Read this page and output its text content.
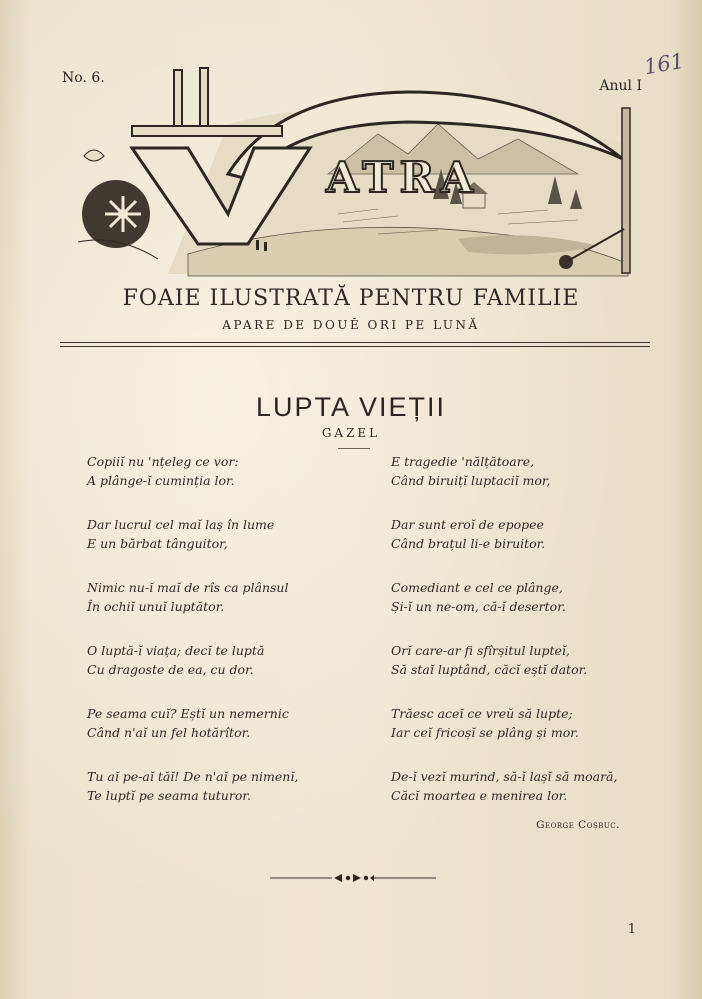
No. 6.	Anul I
161
ATRA
FOAIE ILUSTRATĂ PENTRU FAMILIE
APARE DE DOUĔ ORI PE LUNĂ
LUPTA VIEȚII
GAZEL
Copiiĭ nu 'nțeleg ce vor:
A plânge-ĭ cuminția lor.
Dar lucrul cel maĭ laș în lume
E un bărbat tânguitor,
Nimic nu-ĭ maĭ de rîs ca plânsul
În ochiĭ unuĭ luptător.
O luptă-ĭ viața; decĭ te luptă
Cu dragoste de ea, cu dor.
Pe seama cuĭ? Eștĭ un nemernic
Când n'aĭ un fel hotărîtor.
Tu aĭ pe-aĭ tăĭ! De n'aĭ pe nimenĭ,
Te luptĭ pe seama tuturor.
E tragedie 'nălțătoare,
Când biruițĭ luptaciĭ mor,
Dar sunt eroĭ de epopee
Când brațul li-e biruitor.
Comediant e cel ce plânge,
Și-ĭ un ne-om, că-ĭ desertor.
Orĭ care-ar fi sfîrșitul lupteĭ,
Să staĭ luptând, căcĭ eștĭ dator.
Trăesc aceĭ ce vreŭ să lupte;
Iar ceĭ fricoșĭ se plâng și mor.
De-ĭ vezĭ murind, să-ĭ lașĭ să moară,
Căcĭ moartea e menirea lor.
George Coșbuc.
1
